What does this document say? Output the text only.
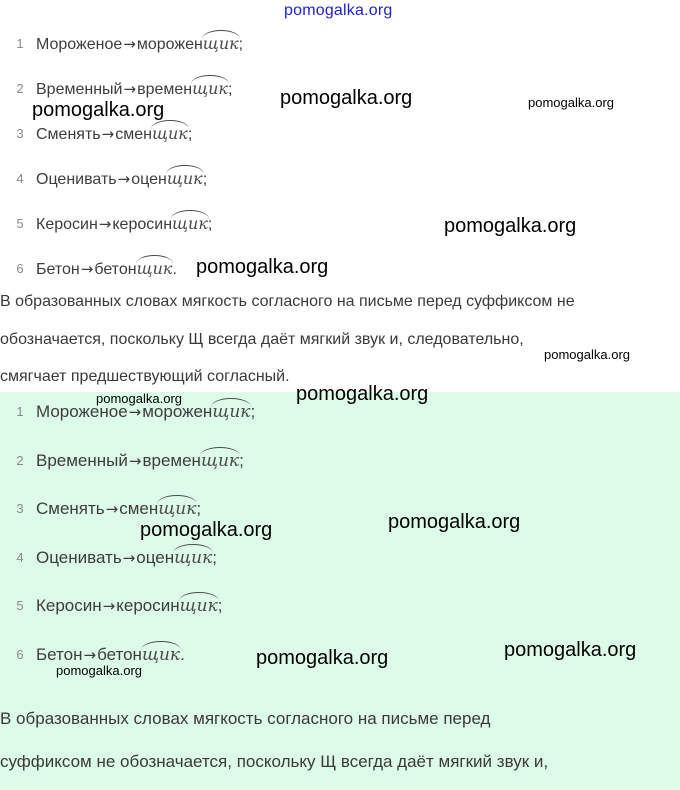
1 Мороженое→морожен
щик;
2 Временный→времен
щик;
3 Сменять→смен
щик;
4 Оценивать→оцен
щик;
5 Керосин→керосин
щик;
6 Бетон→бетон
щик.

В образованных словах мягкость согласного на письме перед суффиксом не

обозначается, поскольку Щ всегда даёт мягкий звук и, следовательно,

смягчает предшествующий согласный.

1 Мороженое→морожен
щик;
2 Временный→времен
щик;
3 Сменять→смен
щик;
4 Оценивать→оцен
щик;
5 Керосин→керосин
щик;
6 Бетон→бетон
щик.

В образованных словах мягкость согласного на письме перед

суффиксом не обозначается, поскольку Щ всегда даёт мягкий звук и,

pomogalka.org
pomogalka.org
pomogalka.org	pomogalka.org
pomogalka.org
pomogalka.org
pomogalka.org
pomogalka.org	pomogalka.org
pomogalka.org	pomogalka.org
pomogalka.org	pomogalka.org
pomogalka.org
